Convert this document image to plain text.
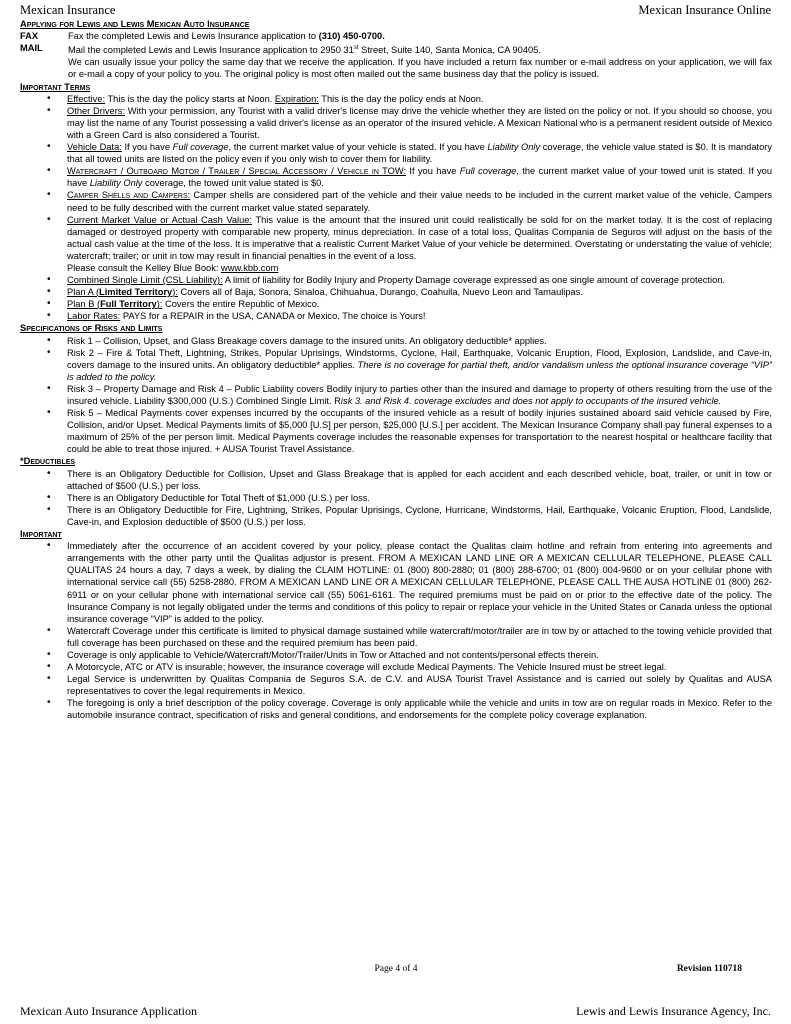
Mexican Insurance	Mexican Insurance Online
Applying for Lewis and Lewis Mexican Auto Insurance
FAX	Fax the completed Lewis and Lewis Insurance application to (310) 450-0700.
MAIL	Mail the completed Lewis and Lewis Insurance application to 2950 31st Street, Suite 140, Santa Monica, CA 90405.
We can usually issue your policy the same day that we receive the application. If you have included a return fax number or e-mail address on your application, we will fax or e-mail a copy of your policy to you. The original policy is most often mailed out the same business day that the policy is issued.
Important Terms
• Effective: This is the day the policy starts at Noon. Expiration: This is the day the policy ends at Noon.
• Other Drivers: With your permission, any Tourist with a valid driver's license may drive the vehicle whether they are listed on the policy or not. If you should so choose, you may list the name of any Tourist possessing a valid driver's license as an operator of the insured vehicle. A Mexican National who is a permanent resident outside of Mexico with a Green Card is also considered a Tourist.
• Vehicle Data: If you have Full coverage, the current market value of your vehicle is stated. If you have Liability Only coverage, the vehicle value stated is $0. It is mandatory that all towed units are listed on the policy even if you only wish to cover them for liability.
• Watercraft / Outboard Motor / Trailer / Special Accessory / Vehicle in TOW: If you have Full coverage, the current market value of your towed unit is stated. If you have Liability Only coverage, the towed unit value stated is $0.
• Camper Shells and Campers: Camper shells are considered part of the vehicle and their value needs to be included in the current market value of the vehicle. Campers need to be fully described with the current market value stated separately.
• Current Market Value or Actual Cash Value: This value is the amount that the insured unit could realistically be sold for on the market today. It is the cost of replacing damaged or destroyed property with comparable new property, minus depreciation. In case of a total loss, Qualitas Compania de Seguros will adjust on the basis of the actual cash value at the time of the loss. It is imperative that a realistic Current Market Value of your vehicle be determined. Overstating or understating the value of vehicle; watercraft; trailer; or unit in tow may result in financial penalties in the event of a loss.
Please consult the Kelley Blue Book: www.kbb.com
• Combined Single Limit (CSL Liability): A limit of liability for Bodily Injury and Property Damage coverage expressed as one single amount of coverage protection.
• Plan A (Limited Territory): Covers all of Baja, Sonora, Sinaloa, Chihuahua, Durango, Coahuila, Nuevo Leon and Tamaulipas.
• Plan B (Full Territory): Covers the entire Republic of Mexico.
• Labor Rates: PAYS for a REPAIR in the USA, CANADA or Mexico. The choice is Yours!
Specifications of Risks and Limits
• Risk 1 – Collision, Upset, and Glass Breakage covers damage to the insured units. An obligatory deductible* applies.
• Risk 2 – Fire & Total Theft, Lightning, Strikes, Popular Uprisings, Windstorms, Cyclone, Hail, Earthquake, Volcanic Eruption, Flood, Explosion, Landslide, and Cave-in, covers damage to the insured units. An obligatory deductible* applies. There is no coverage for partial theft, and/or vandalism unless the optional insurance coverage “VIP” is added to the policy.
• Risk 3 – Property Damage and Risk 4 – Public Liability covers Bodily injury to parties other than the insured and damage to property of others resulting from the use of the insured vehicle. Liability $300,000 (U.S.) Combined Single Limit. Risk 3. and Risk 4. coverage excludes and does not apply to occupants of the insured vehicle.
• Risk 5 – Medical Payments cover expenses incurred by the occupants of the insured vehicle as a result of bodily injuries sustained aboard said vehicle caused by Fire, Collision, and/or Upset. Medical Payments limits of $5,000 [U.S] per person, $25,000 [U.S.] per accident. The Mexican Insurance Company shall pay funeral expenses to a maximum of 25% of the per person limit. Medical Payments coverage includes the reasonable expenses for transportation to the nearest hospital or healthcare facility that could be able to treat those injured. + AUSA Tourist Travel Assistance.
*Deductibles
• There is an Obligatory Deductible for Collision, Upset and Glass Breakage that is applied for each accident and each described vehicle, boat, trailer, or unit in tow or attached of $500 (U.S.) per loss.
• There is an Obligatory Deductible for Total Theft of $1,000 (U.S.) per loss.
• There is an Obligatory Deductible for Fire, Lightning, Strikes, Popular Uprisings, Cyclone, Hurricane, Windstorms, Hail, Earthquake, Volcanic Eruption, Flood, Landslide, Cave-in, and Explosion deductible of $500 (U.S.) per loss.
Important
• Immediately after the occurrence of an accident covered by your policy, please contact the Qualitas claim hotline and refrain from entering into agreements and arrangements with the other party until the Qualitas adjustor is present. FROM A MEXICAN LAND LINE OR A MEXICAN CELLULAR TELEPHONE, PLEASE CALL QUALITAS 24 hours a day, 7 days a week, by dialing the CLAIM HOTLINE: 01 (800) 800-2880; 01 (800) 288-6700; 01 (800) 004-9600 or on your cellular phone with international service call (55) 5258-2880. FROM A MEXICAN LAND LINE OR A MEXICAN CELLULAR TELEPHONE, PLEASE CALL THE AUSA HOTLINE 01 (800) 262-6911 or on your cellular phone with international service call (55) 5061-6161. The required premiums must be paid on or prior to the effective date of the policy. The Insurance Company is not legally obligated under the terms and conditions of this policy to repair or replace your vehicle in the United States or Canada unless the optional insurance coverage “VIP” is added to the policy.
• Watercraft Coverage under this certificate is limited to physical damage sustained while watercraft/motor/trailer are in tow by or attached to the towing vehicle provided that full coverage has been purchased on these and the required premium has been paid.
• Coverage is only applicable to Vehicle/Watercraft/Motor/Trailer/Units in Tow or Attached and not contents/personal effects therein.
• A Motorcycle, ATC or ATV is insurable; however, the insurance coverage will exclude Medical Payments. The Vehicle Insured must be street legal.
• Legal Service is underwritten by Qualitas Compania de Seguros S.A. de C.V. and AUSA Tourist Travel Assistance and is carried out solely by Qualitas and AUSA representatives to cover the legal requirements in Mexico.
• The foregoing is only a brief description of the policy coverage. Coverage is only applicable while the vehicle and units in tow are on regular roads in Mexico. Refer to the automobile insurance contract, specification of risks and general conditions, and endorsements for the complete policy coverage explanation.
Page 4 of 4	Revision 110718
Mexican Auto Insurance Application	Lewis and Lewis Insurance Agency, Inc.
